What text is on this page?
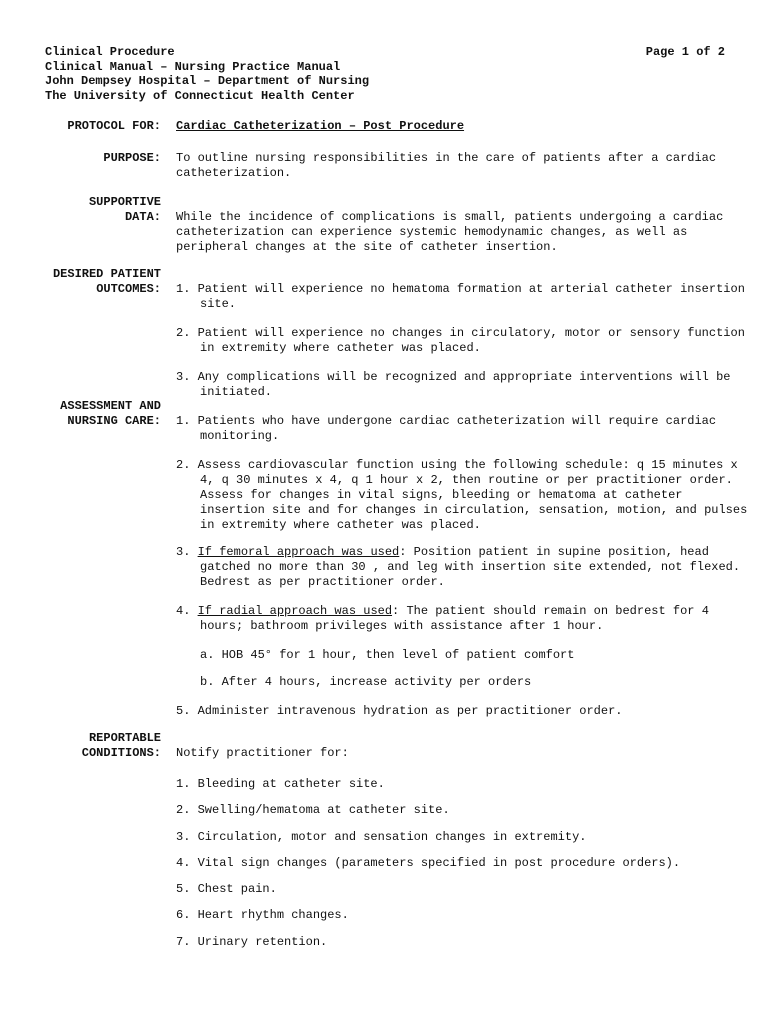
Clinical Procedure
Clinical Manual – Nursing Practice Manual
John Dempsey Hospital – Department of Nursing
The University of Connecticut Health Center
Page 1 of 2
PROTOCOL FOR: Cardiac Catheterization – Post Procedure
PURPOSE: To outline nursing responsibilities in the care of patients after a cardiac catheterization.
SUPPORTIVE
DATA: While the incidence of complications is small, patients undergoing a cardiac catheterization can experience systemic hemodynamic changes, as well as peripheral changes at the site of catheter insertion.
DESIRED PATIENT
OUTCOMES: 1. Patient will experience no hematoma formation at arterial catheter insertion site.
2. Patient will experience no changes in circulatory, motor or sensory function in extremity where catheter was placed.
3. Any complications will be recognized and appropriate interventions will be initiated.
ASSESSMENT AND
NURSING CARE: 1. Patients who have undergone cardiac catheterization will require cardiac monitoring.
2. Assess cardiovascular function using the following schedule: q 15 minutes x 4, q 30 minutes x 4, q 1 hour x 2, then routine or per practitioner order. Assess for changes in vital signs, bleeding or hematoma at catheter insertion site and for changes in circulation, sensation, motion, and pulses in extremity where catheter was placed.
3. If femoral approach was used: Position patient in supine position, head gatched no more than 30 , and leg with insertion site extended, not flexed. Bedrest as per practitioner order.
4. If radial approach was used: The patient should remain on bedrest for 4 hours; bathroom privileges with assistance after 1 hour.
a. HOB 45° for 1 hour, then level of patient comfort
b. After 4 hours, increase activity per orders
5. Administer intravenous hydration as per practitioner order.
REPORTABLE
CONDITIONS: Notify practitioner for:
1. Bleeding at catheter site.
2. Swelling/hematoma at catheter site.
3. Circulation, motor and sensation changes in extremity.
4. Vital sign changes (parameters specified in post procedure orders).
5. Chest pain.
6. Heart rhythm changes.
7. Urinary retention.
